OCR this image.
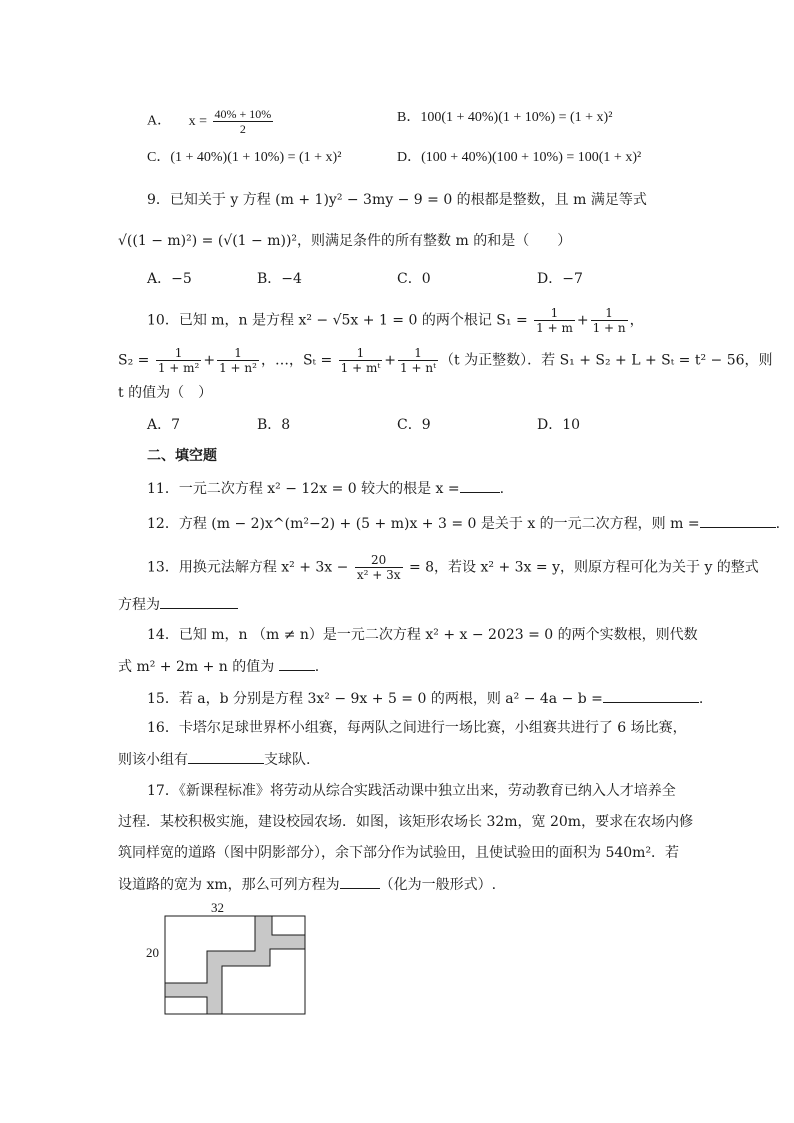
A． $x = \frac{40\% + 10\%}{2}$	B．100(1 + 40%)(1 + 10%) = (1 + x)²
C．(1 + 40%)(1 + 10%) = (1 + x)²	D．(100 + 40%)(100 + 10%) = 100(1 + x)²
9．已知关于 y 方程 (m + 1)y² − 3my − 9 = 0 的根都是整数，且 m 满足等式
√((1 − m)²) = (√(1 − m))²，则满足条件的所有整数 m 的和是（　　）
A．−5	B．−4	C．0	D．−7
10．已知 m，n 是方程 x² − √5x + 1 = 0 的两个根记 $S_1 = \frac{1}{1 + m} + \frac{1}{1 + n}$ ，
$S_2 = \frac{1}{\text{1 + m²}} + \frac{1}{\text{1 + n²}}$ ，…，$S_t = \frac{1}{\text{1 + mᵗ}} + \frac{1}{\text{1 + nᵗ}} (t$ 为正整数）．若 S₁ + S₂ + L + Sₜ = t² − 56，则
t 的值为（　）
A．7	B．8	C．9	D．10
二、填空题
11．一元二次方程 x² − 12x = 0 较大的根是 x =	.
12．方程 (m − 2)x^(m²−2) + (5 + m)x + 3 = 0 是关于 x 的一元二次方程，则 m =	.
13．用换元法解方程 $x^2 + 3x - \frac{20}{\text{x² + 3x}} = 8$，若设 x² + 3x = y，则原方程可化为关于 y 的整式
方程为
14．已知 m，n （m ≠ n）是一元二次方程 x² + x − 2023 = 0 的两个实数根，则代数
式 m² + 2m + n 的值为	.
15．若 a，b 分别是方程 3x² − 9x + 5 = 0 的两根，则 a² − 4a − b =	.
16．卡塔尔足球世界杯小组赛，每两队之间进行一场比赛，小组赛共进行了 6 场比赛，
则该小组有	支球队.
17．《新课程标准》将劳动从综合实践活动课中独立出来，劳动教育已纳入人才培养全
过程．某校积极实施，建设校园农场．如图，该矩形农场长 32m，宽 20m，要求在农场内修
筑同样宽的道路（图中阴影部分），余下部分作为试验田，且使试验田的面积为 540m²．若
设道路的宽为 xm，那么可列方程为	（化为一般形式）.
32
20
